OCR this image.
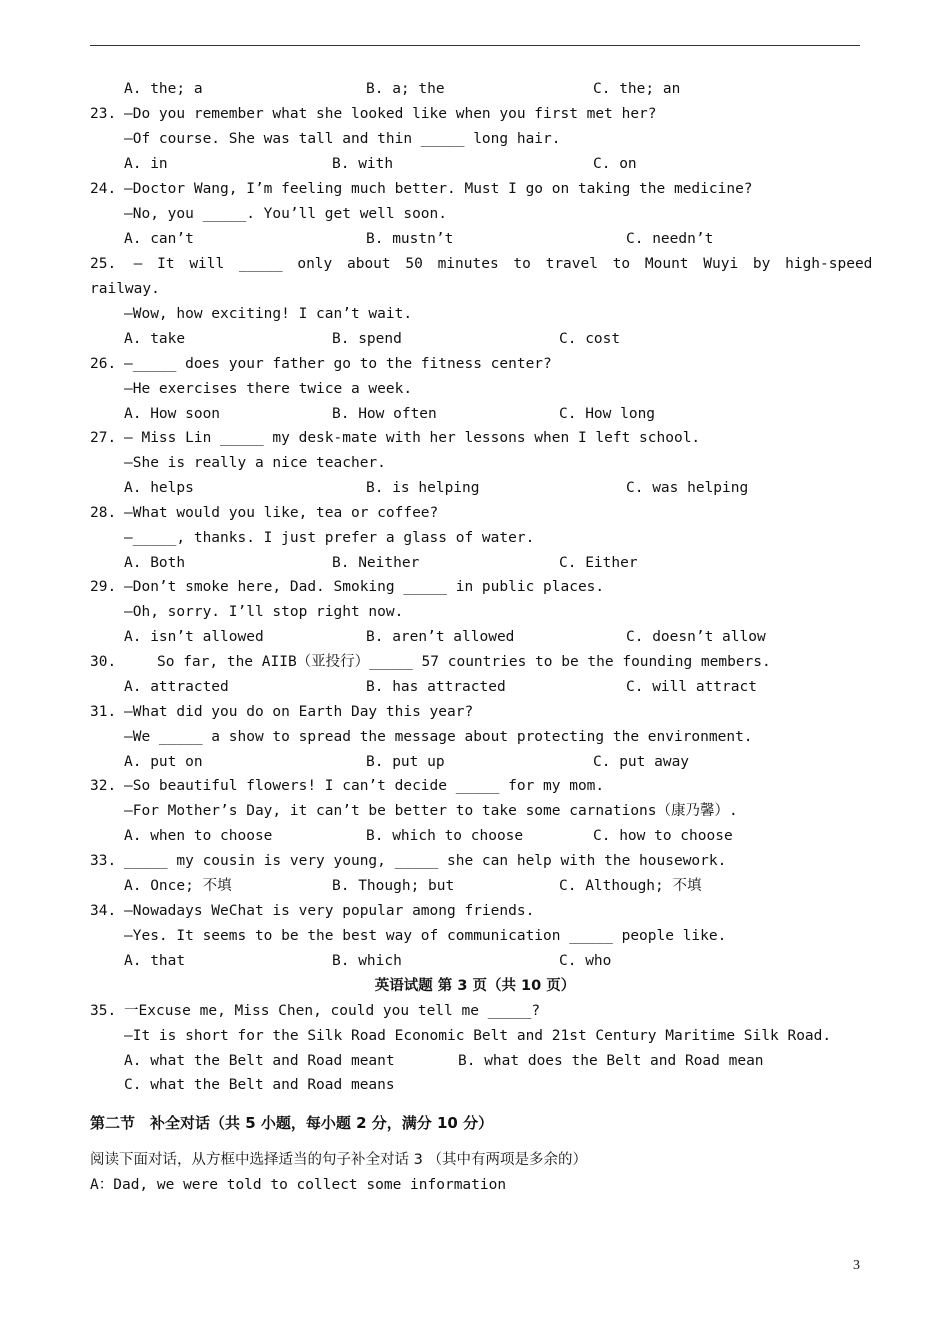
A. the; a	B. a; the	C. the; an
23. —Do you remember what she looked like when you first met her?
—Of course. She was tall and thin _____ long hair.
A. in	B. with	C. on
24. —Doctor Wang, I’m feeling much better. Must I go on taking the medicine?
—No, you _____. You’ll get well soon.
A. can’t	B. mustn’t	C. needn’t
25.   — It will _____ only about 50 minutes to travel to Mount Wuyi by high-speed
railway.
—Wow, how exciting! I can’t wait.
A. take	B. spend	C. cost
26. —_____ does your father go to the fitness center?
—He exercises there twice a week.
A. How soon	B. How often	C. How long
27. — Miss Lin _____ my desk-mate with her lessons when I left school.
—She is really a nice teacher.
A. helps	B. is helping	C. was helping
28. —What would you like, tea or coffee?
—_____, thanks. I just prefer a glass of water.
A. Both	B. Neither	C. Either
29. —Don’t smoke here, Dad. Smoking _____ in public places.
—Oh, sorry. I’ll stop right now.
A. isn’t allowed	B. aren’t allowed	C. doesn’t allow
30.	So far, the AIIB（亚投行）_____ 57 countries to be the founding members.
A. attracted	B. has attracted	C. will attract
31. —What did you do on Earth Day this year?
—We _____ a show to spread the message about protecting the environment.
A. put on	B. put up	C. put away
32. —So beautiful flowers! I can’t decide _____ for my mom.
—For Mother’s Day, it can’t be better to take some carnations（康乃馨）.
A. when to choose	B. which to choose	C. how to choose
33. _____ my cousin is very young, _____ she can help with the housework.
A. Once; 不填	B. Though; but	C. Although; 不填
34. —Nowadays WeChat is very popular among friends.
—Yes. It seems to be the best way of communication _____ people like.
A. that	B. which	C. who
英语试题 第 3 页（共 10 页）
35. 一Excuse me, Miss Chen, could you tell me _____?
—It is short for the Silk Road Economic Belt and 21st Century Maritime Silk Road.
A. what the Belt and Road meant	B. what does the Belt and Road mean
C. what the Belt and Road means
第二节　补全对话（共 5 小题，每小题 2 分，满分 10 分）
阅读下面对话，从方框中选择适当的句子补全对话 3 （其中有两项是多余的）
A：Dad, we were told to collect some information
3
